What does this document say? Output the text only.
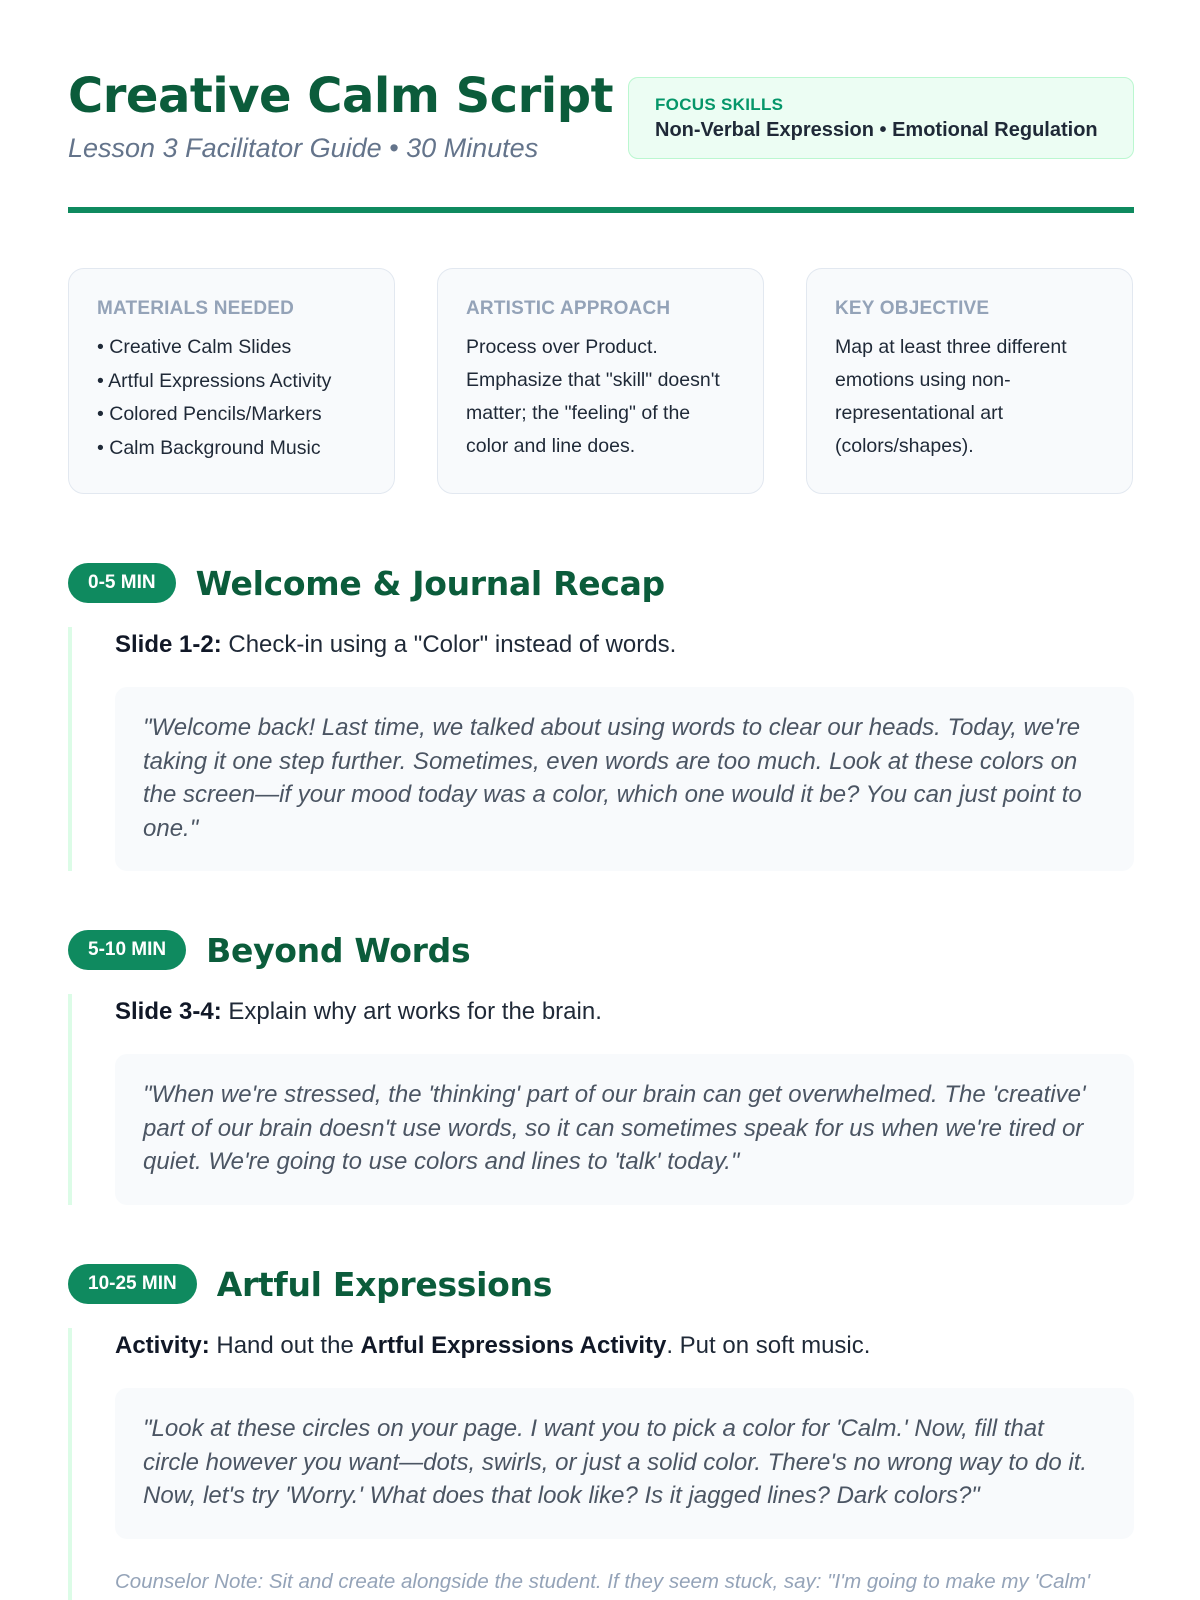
Creative Calm Script
Lesson 3 Facilitator Guide • 30 Minutes
FOCUS SKILLS
Non-Verbal Expression • Emotional Regulation
MATERIALS NEEDED
• Creative Calm Slides
• Artful Expressions Activity
• Colored Pencils/Markers
• Calm Background Music
ARTISTIC APPROACH

Process over Product. Emphasize that "skill" doesn't matter; the "feeling" of the color and line does.

KEY OBJECTIVE

Map at least three different emotions using non-representational art (colors/shapes).

0-5 MIN	Welcome & Journal Recap

Slide 1-2: Check-in using a "Color" instead of words.

"Welcome back! Last time, we talked about using words to clear our heads. Today, we're taking it one step further. Sometimes, even words are too much. Look at these colors on the screen—if your mood today was a color, which one would it be? You can just point to one."
5-10 MIN	Beyond Words

Slide 3-4: Explain why art works for the brain.

"When we're stressed, the 'thinking' part of our brain can get overwhelmed. The 'creative' part of our brain doesn't use words, so it can sometimes speak for us when we're tired or quiet. We're going to use colors and lines to 'talk' today."
10-25 MIN	Artful Expressions

Activity: Hand out the Artful Expressions Activity. Put on soft music.

"Look at these circles on your page. I want you to pick a color for 'Calm.' Now, fill that circle however you want—dots, swirls, or just a solid color. There's no wrong way to do it. Now, let's try 'Worry.' What does that look like? Is it jagged lines? Dark colors?"

Counselor Note: Sit and create alongside the student. If they seem stuck, say: "I'm going to make my 'Calm'
